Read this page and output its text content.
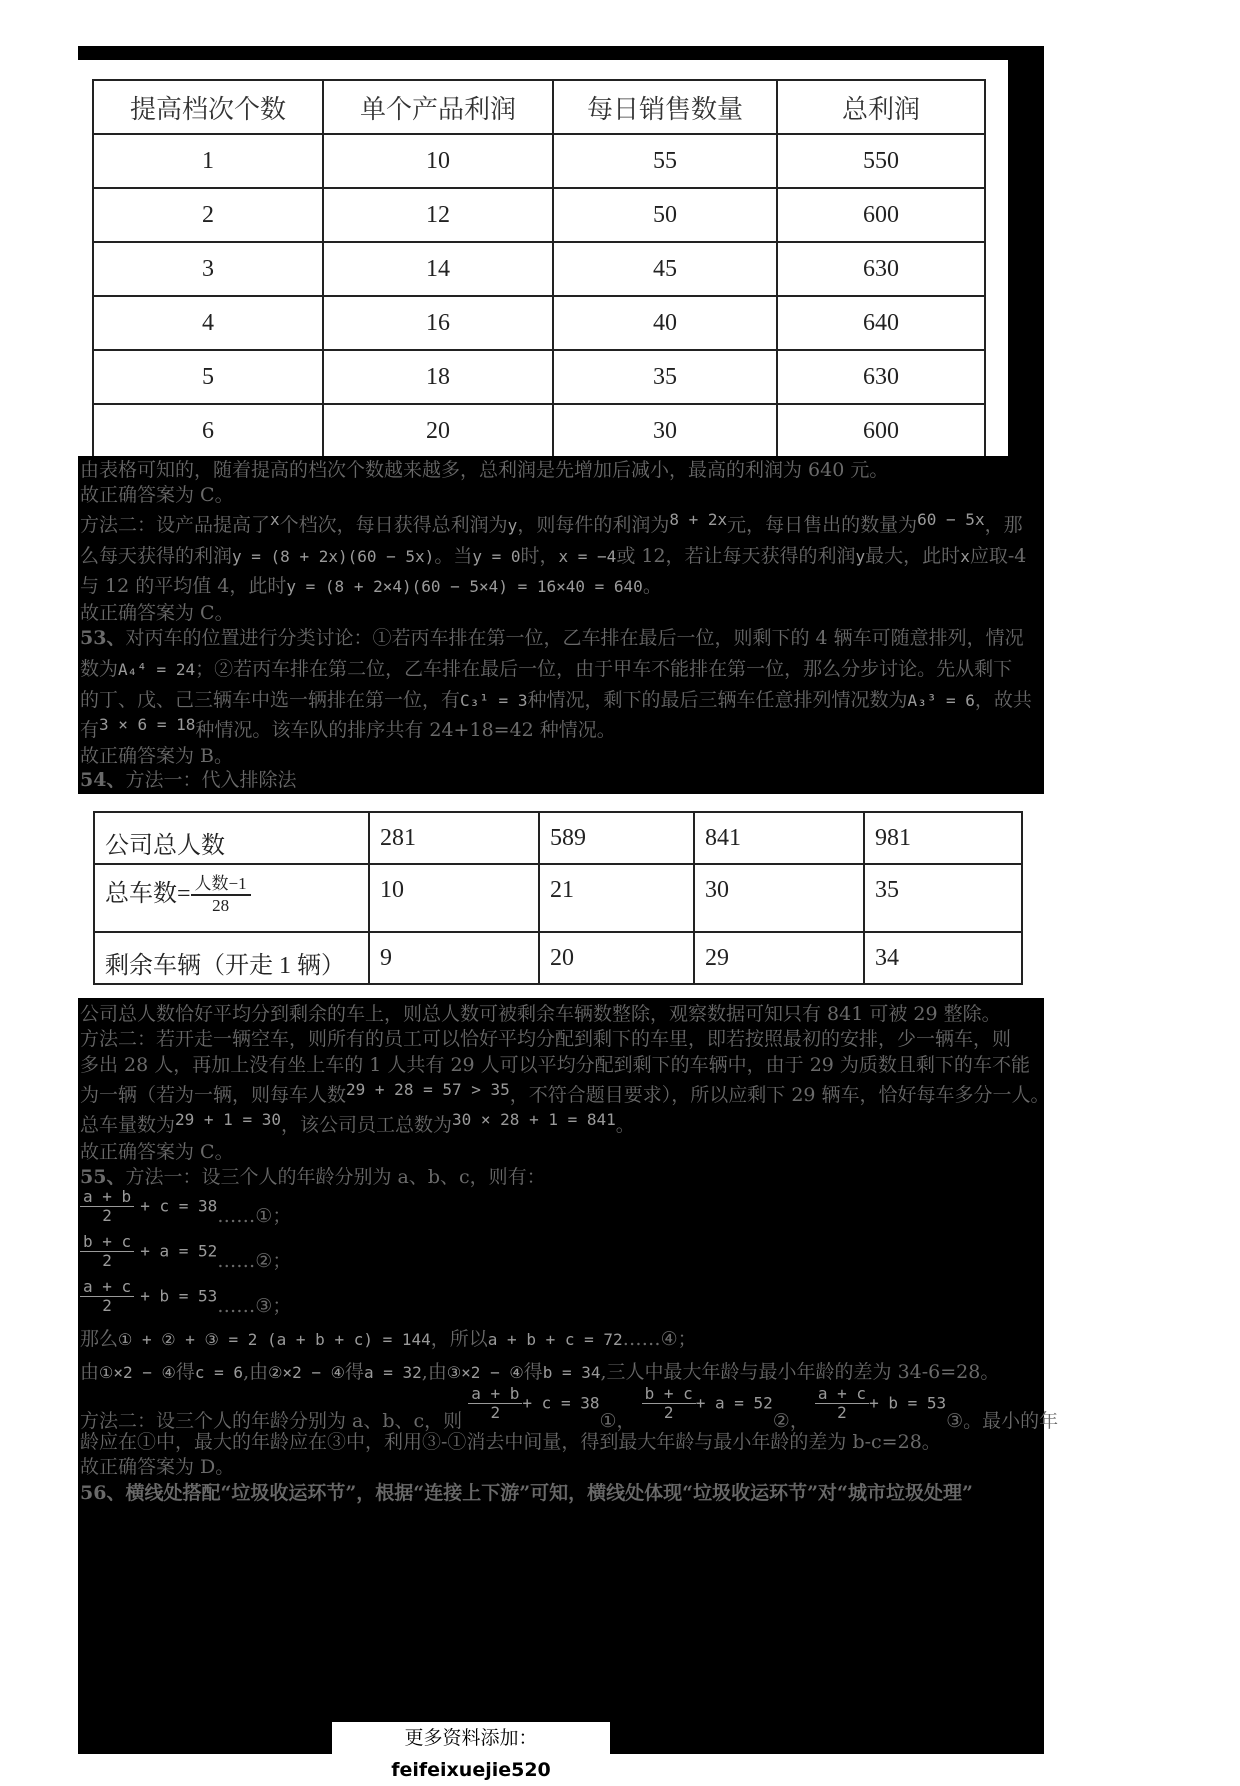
提高档次个数	单个产品利润	每日销售数量	总利润
1	10	55	550
2	12	50	600
3	14	45	630
4	16	40	640
5	18	35	630
6	20	30	600
由表格可知的，随着提高的档次个数越来越多，总利润是先增加后减小，最高的利润为 640 元。
故正确答案为 C。
方法二：设产品提高了$^x$个档次，每日获得总利润为y，则每件的利润为$^{8 + 2x}$元，每日售出的数量为$^{60 - 5x}$，那
么每天获得的利润y = (8 + 2x)(60 − 5x)。当y = 0时，x = −4或 12，若让每天获得的利润y最大，此时x应取-4
与 12 的平均值 4，此时y = (8 + 2×4)(60 − 5×4) = 16×40 = 640。
故正确答案为 C。
53、对丙车的位置进行分类讨论：①若丙车排在第一位，乙车排在最后一位，则剩下的 4 辆车可随意排列，情况
数为A₄⁴ = 24；②若丙车排在第二位，乙车排在最后一位，由于甲车不能排在第一位，那么分步讨论。先从剩下
的丁、戊、己三辆车中选一辆排在第一位，有C₃¹ = 3种情况，剩下的最后三辆车任意排列情况数为A₃³ = 6，故共
有$^{3 \times 6 = 18}$种情况。该车队的排序共有 24+18=42 种情况。
故正确答案为 B。
54、方法一：代入排除法
公司总人数	281	589	841	981
总车数= $\frac{\text{人数−1}}{28}$	10	21	30	35
剩余车辆（开走 1 辆）	9	20	29	34
公司总人数恰好平均分到剩余的车上，则总人数可被剩余车辆数整除，观察数据可知只有 841 可被 29 整除。
方法二：若开走一辆空车，则所有的员工可以恰好平均分配到剩下的车里，即若按照最初的安排，少一辆车，则
多出 28 人，再加上没有坐上车的 1 人共有 29 人可以平均分配到剩下的车辆中，由于 29 为质数且剩下的车不能
为一辆（若为一辆，则每车人数$^{29 + 28 = 57 > 35}$，不符合题目要求），所以应剩下 29 辆车，恰好每车多分一人。
总车量数为$^{29 + 1 = 30}$，该公司员工总数为$^{30 \times 28 + 1 = 841}$。
故正确答案为 C。
55、方法一：设三个人的年龄分别为 a、b、c，则有：
$\frac{a + b}{2} + c$ = 38……①；
$\frac{b + c}{2} + a$ = 52……②；
$\frac{a + c}{2} + b$ = 53……③；
那么① + ② + ③ = 2 (a + b + c) = 144，所以a + b + c = 72……④；
由①×2 − ④得c = 6,由②×2 − ④得a = 32,由③×2 − ④得b = 34,三人中最大年龄与最小年龄的差为 34-6=28。
方法二：设三个人的年龄分别为 a、b、c，则 $\frac{a + b}{2} + c$ = 38①， $\frac{b + c}{2} + a$ = 52②， $\frac{a + c}{2} + b$ = 53③。最小的年
龄应在①中，最大的年龄应在③中，利用③-①消去中间量，得到最大年龄与最小年龄的差为 b-c=28。
故正确答案为 D。
56、横线处搭配“垃圾收运环节”，根据“连接上下游”可知，横线处体现“垃圾收运环节”对“城市垃圾处理”
更多资料添加：feifeixuejie520
